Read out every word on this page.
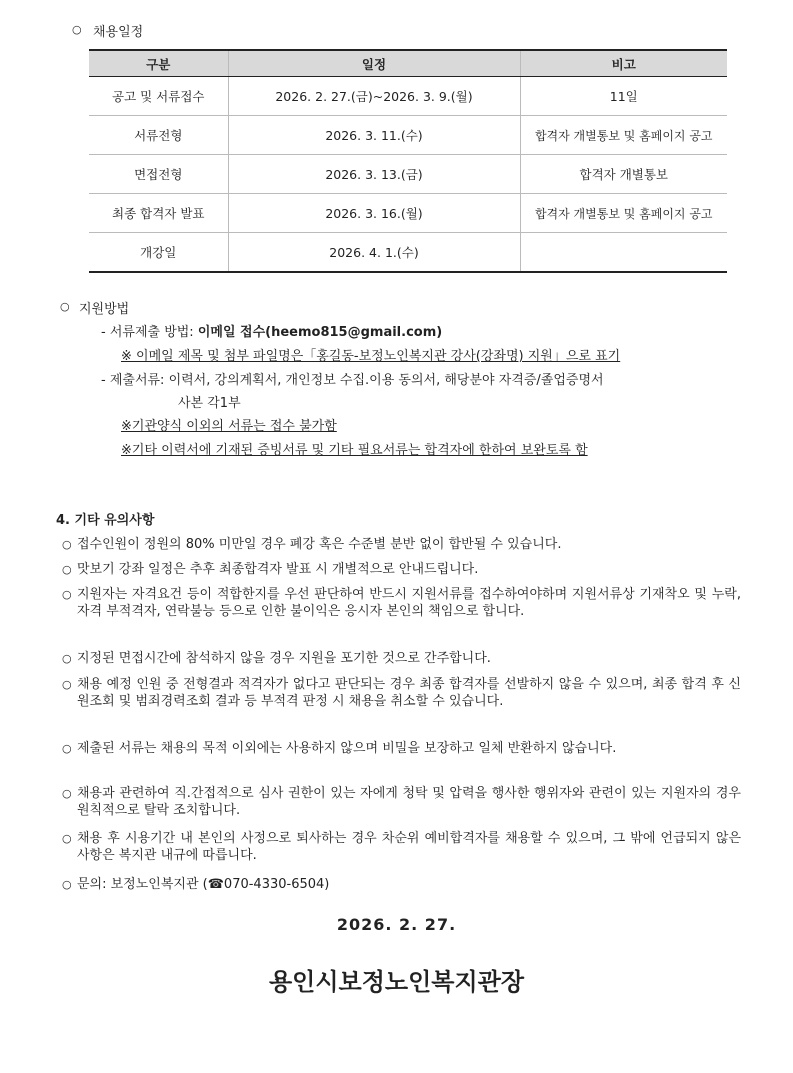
○ 채용일정
구분	일정	비고
공고 및 서류접수	2026. 2. 27.(금)~2026. 3. 9.(월)	11일
서류전형	2026. 3. 11.(수)	합격자 개별통보 및 홈페이지 공고
면접전형	2026. 3. 13.(금)	합격자 개별통보
최종 합격자 발표	2026. 3. 16.(월)	합격자 개별통보 및 홈페이지 공고
개강일	2026. 4. 1.(수)	
○ 지원방법
- 서류제출 방법: 이메일 접수(heemo815@gmail.com)
※ 이메일 제목 및 첨부 파일명은「홍길동-보정노인복지관 강사(강좌명) 지원」으로 표기
- 제출서류: 이력서, 강의계획서, 개인정보 수집.이용 동의서, 해당분야 자격증/졸업증명서
사본 각1부
※기관양식 이외의 서류는 접수 불가함
※기타 이력서에 기재된 증빙서류 및 기타 필요서류는 합격자에 한하여 보완토록 함
4. 기타 유의사항
○ 접수인원이 정원의 80% 미만일 경우 폐강 혹은 수준별 분반 없이 합반될 수 있습니다.
○ 맛보기 강좌 일정은 추후 최종합격자 발표 시 개별적으로 안내드립니다.
○ 지원자는 자격요건 등이 적합한지를 우선 판단하여 반드시 지원서류를 접수하여야하며 지원서류상 기재착오 및 누락, 자격 부적격자, 연락불능 등으로 인한 불이익은 응시자 본인의 책임으로 합니다.
○ 지정된 면접시간에 참석하지 않을 경우 지원을 포기한 것으로 간주합니다.
○ 채용 예정 인원 중 전형결과 적격자가 없다고 판단되는 경우 최종 합격자를 선발하지 않을 수 있으며, 최종 합격 후 신원조회 및 범죄경력조회 결과 등 부적격 판정 시 채용을 취소할 수 있습니다.
○ 제출된 서류는 채용의 목적 이외에는 사용하지 않으며 비밀을 보장하고 일체 반환하지 않습니다.
○ 채용과 관련하여 직.간접적으로 심사 권한이 있는 자에게 청탁 및 압력을 행사한 행위자와 관련이 있는 지원자의 경우 원칙적으로 탈락 조치합니다.
○ 채용 후 시용기간 내 본인의 사정으로 퇴사하는 경우 차순위 예비합격자를 채용할 수 있으며, 그 밖에 언급되지 않은 사항은 복지관 내규에 따릅니다.
○ 문의: 보정노인복지관 (☎070-4330-6504)
2026. 2. 27.
용인시보정노인복지관장
